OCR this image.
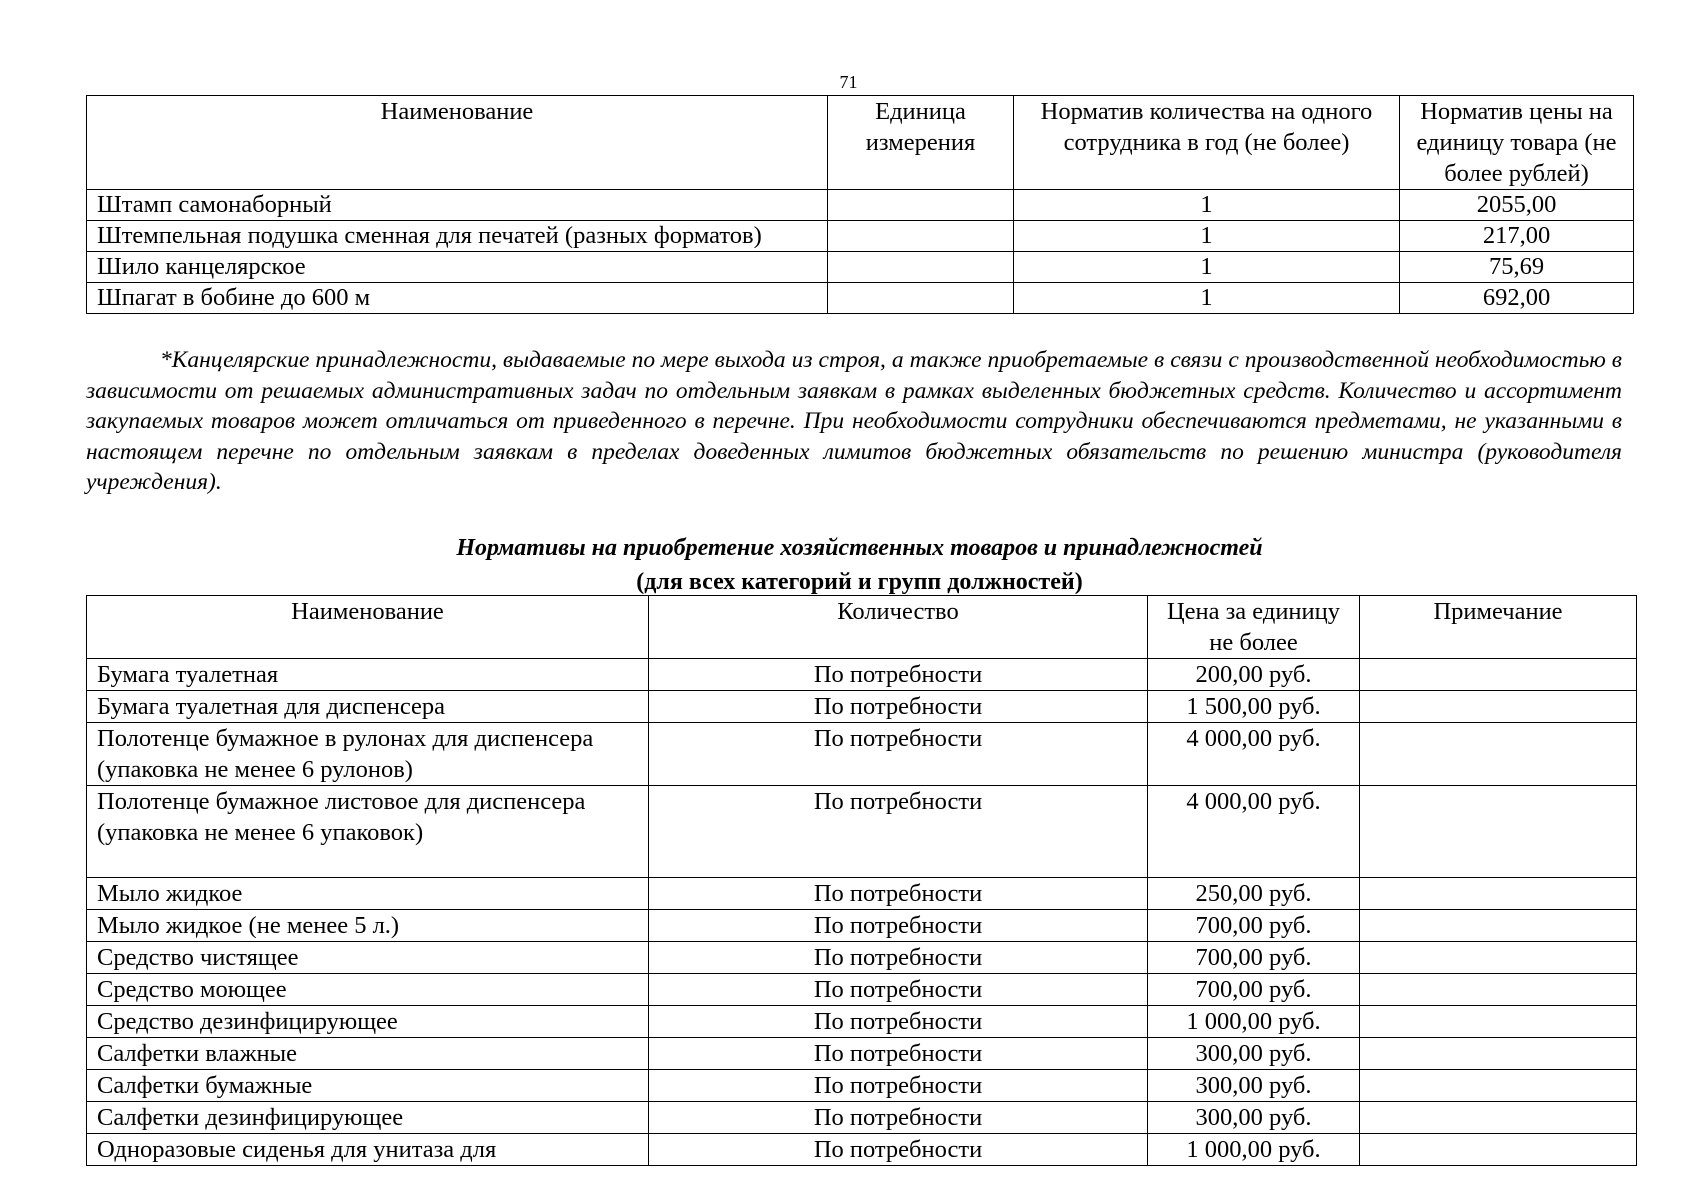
71
Наименование	Единица измерения	Норматив количества на одного сотрудника в год (не более)	Норматив цены на единицу товара (не более рублей)
Штамп самонаборный		1	2055,00
Штемпельная подушка сменная для печатей (разных форматов)		1	217,00
Шило канцелярское		1	75,69
Шпагат в бобине до 600 м		1	692,00

*Канцелярские принадлежности, выдаваемые по мере выхода из строя, а также приобретаемые в связи с производственной необходимостью в зависимости от решаемых административных задач по отдельным заявкам в рамках выделенных бюджетных средств. Количество и ассортимент закупаемых товаров может отличаться от приведенного в перечне. При необходимости сотрудники обеспечиваются предметами, не указанными в настоящем перечне по отдельным заявкам в пределах доведенных лимитов бюджетных обязательств по решению министра (руководителя учреждения).

Нормативы на приобретение хозяйственных товаров и принадлежностей
(для всех категорий и групп должностей)
Наименование	Количество	Цена за единицу не более	Примечание
Бумага туалетная	По потребности	200,00 руб.	
Бумага туалетная для диспенсера	По потребности	1 500,00 руб.	
Полотенце бумажное в рулонах для диспенсера (упаковка не менее 6 рулонов)	По потребности	4 000,00 руб.	
Полотенце бумажное листовое для диспенсера (упаковка не менее 6 упаковок)	По потребности	4 000,00 руб.	
Мыло жидкое	По потребности	250,00 руб.	
Мыло жидкое (не менее 5 л.)	По потребности	700,00 руб.	
Средство чистящее	По потребности	700,00 руб.	
Средство моющее	По потребности	700,00 руб.	
Средство дезинфицирующее	По потребности	1 000,00 руб.	
Салфетки влажные	По потребности	300,00 руб.	
Салфетки бумажные	По потребности	300,00 руб.	
Салфетки дезинфицирующее	По потребности	300,00 руб.	
Одноразовые сиденья для унитаза для	По потребности	1 000,00 руб.	
